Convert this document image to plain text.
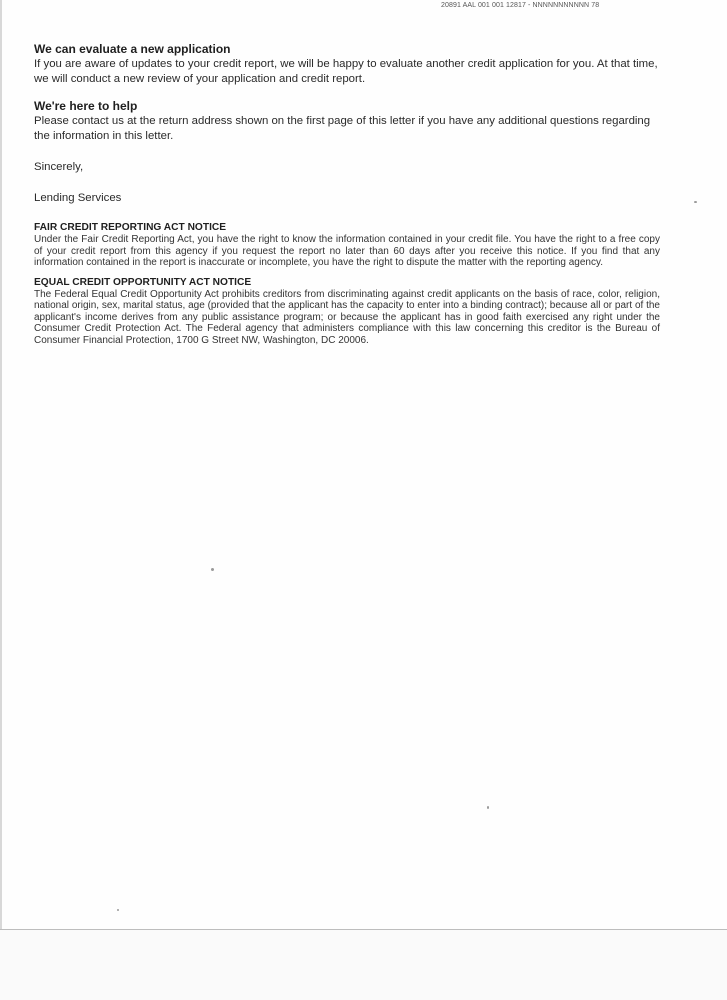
20891 AAL 001 001 12817 - NNNNNNNNNNN 78
We can evaluate a new application

If you are aware of updates to your credit report, we will be happy to evaluate another credit application for you. At that time, we will conduct a new review of your application and credit report.

We're here to help

Please contact us at the return address shown on the first page of this letter if you have any additional questions regarding the information in this letter.

Sincerely,
Lending Services
FAIR CREDIT REPORTING ACT NOTICE

Under the Fair Credit Reporting Act, you have the right to know the information contained in your credit file. You have the right to a free copy of your credit report from this agency if you request the report no later than 60 days after you receive this notice. If you find that any information contained in the report is inaccurate or incomplete, you have the right to dispute the matter with the reporting agency.

EQUAL CREDIT OPPORTUNITY ACT NOTICE

The Federal Equal Credit Opportunity Act prohibits creditors from discriminating against credit applicants on the basis of race, color, religion, national origin, sex, marital status, age (provided that the applicant has the capacity to enter into a binding contract); because all or part of the applicant's income derives from any public assistance program; or because the applicant has in good faith exercised any right under the Consumer Credit Protection Act. The Federal agency that administers compliance with this law concerning this creditor is the Bureau of Consumer Financial Protection, 1700 G Street NW, Washington, DC 20006.
